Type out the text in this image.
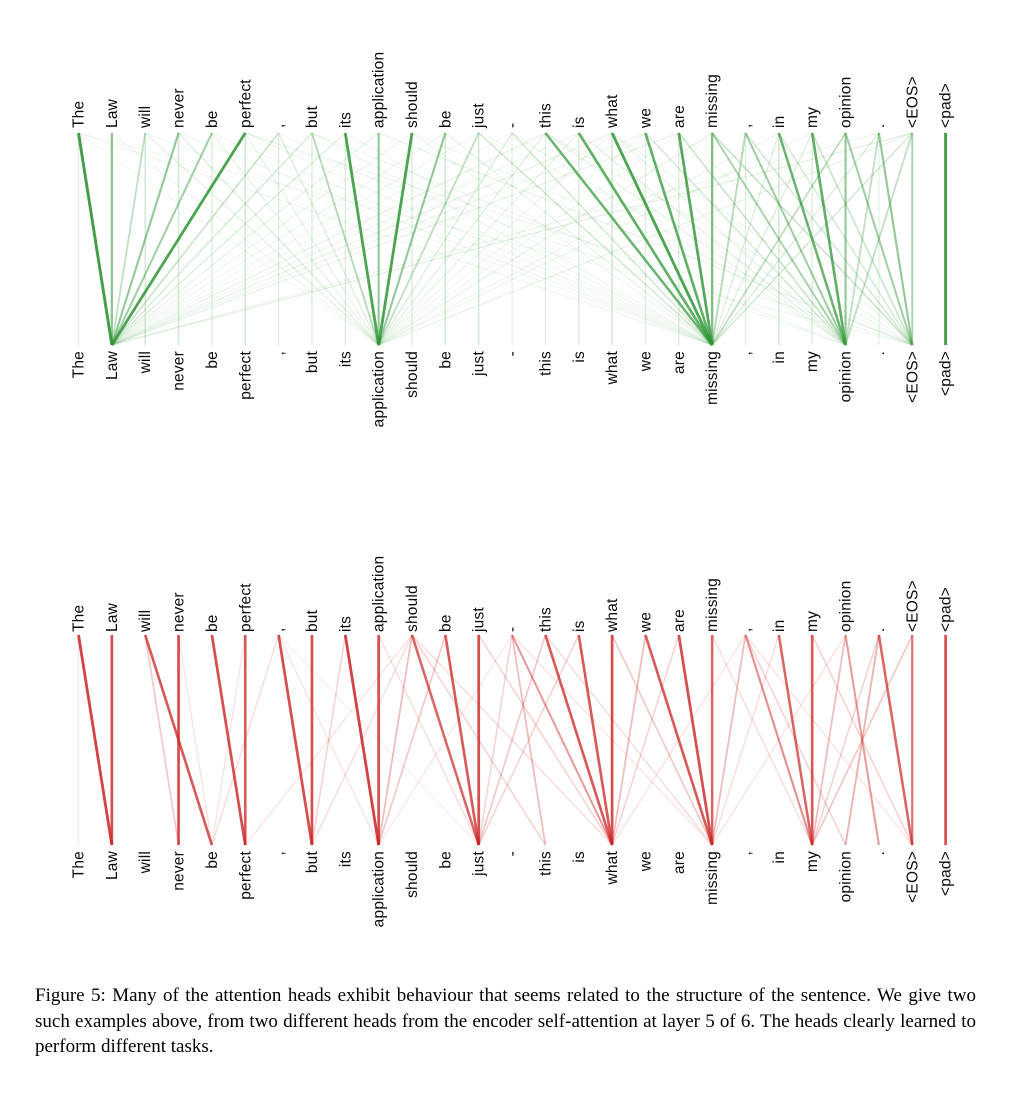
The
The
Law
Law
will
will
never
never
be
be
perfect
perfect
,
,
but
but
its
its
application
application
should
should
be
be
just
just
-
-
this
this
is
is
what
what
we
we
are
are
missing
missing
,
,
in
in
my
my
opinion
opinion
.
.
<EOS>
<EOS>
<pad>
<pad>
The
The
Law
Law
will
will
never
never
be
be
perfect
perfect
,
,
but
but
its
its
application
application
should
should
be
be
just
just
-
-
this
this
is
is
what
what
we
we
are
are
missing
missing
,
,
in
in
my
my
opinion
opinion
.
.
<EOS>
<EOS>
<pad>
<pad>
Figure 5: Many of the attention heads exhibit behaviour that seems related to the structure of the sentence. We give two such examples above, from two different heads from the encoder self-attention at layer 5 of 6. The heads clearly learned to perform different tasks.
